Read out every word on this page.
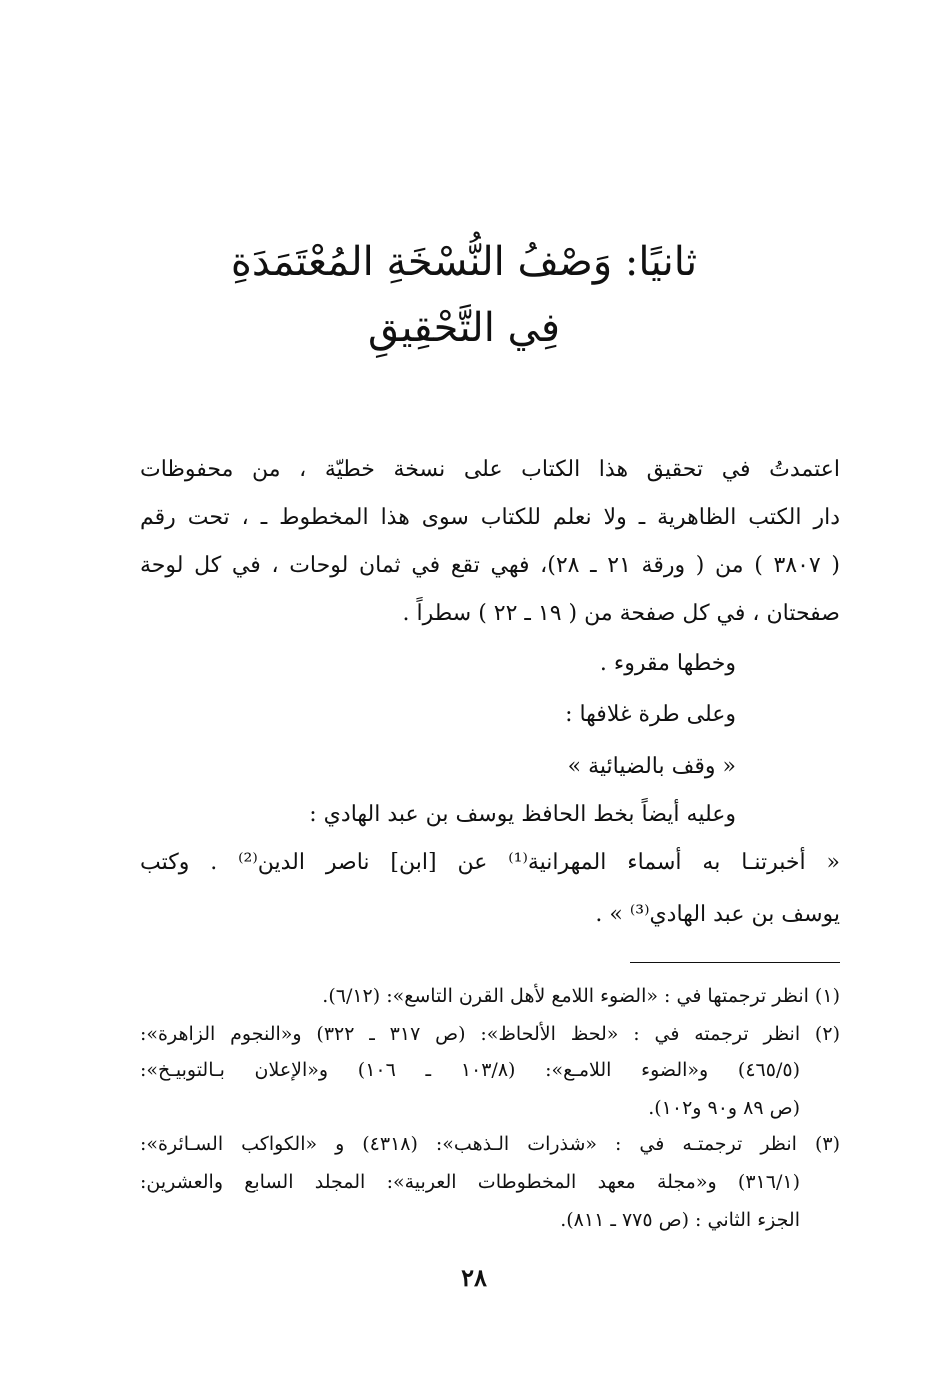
ثانيًا: وَصْفُ النُّسْخَةِ المُعْتَمَدَةِ
فِي التَّحْقِيقِ
اعتمدتُ في تحقيق هذا الكتاب على نسخة خطيّة ، من محفوظات
دار الكتب الظاهرية ـ ولا نعلم للكتاب سوى هذا المخطوط ـ ، تحت رقم
( ٣٨٠٧ ) من ( ورقة ٢١ ـ ٢٨)، فهي تقع في ثمان لوحات ، في كل لوحة
صفحتان ، في كل صفحة من ( ١٩ ـ ٢٢ ) سطراً .
وخطها مقروء .
وعلى طرة غلافها :
« وقف بالضيائية »
وعليه أيضاً بخط الحافظ يوسف بن عبد الهادي :
« أخبرتنـا به أسماء المهرانية⁽¹⁾ عن [ابن] ناصر الدين⁽²⁾ . وكتب
يوسف بن عبد الهادي⁽³⁾ » .
(١) انظر ترجمتها في : «الضوء اللامع لأهل القرن التاسع»: (٦/١٢).
(٢) انظر ترجمته في : «لحظ الألحاظ»: (ص ٣١٧ ـ ٣٢٢) و«النجوم الزاهرة»:
(٤٦٥/٥) و«الضوء اللامـع»: (١٠٣/٨ ـ ١٠٦) و«الإعلان بـالتوبيـخ»:
(ص ٨٩ و٩٠ و١٠٢).
(٣) انظر ترجمتـه في : «شذرات الـذهب»: (٤٣١٨) و «الكواكب السـائرة»:
(٣١٦/١) و«مجلة معهد المخطوطات العربية»: المجلد السابع والعشرين:
الجزء الثاني : (ص ٧٧٥ ـ ٨١١).
٢٨
